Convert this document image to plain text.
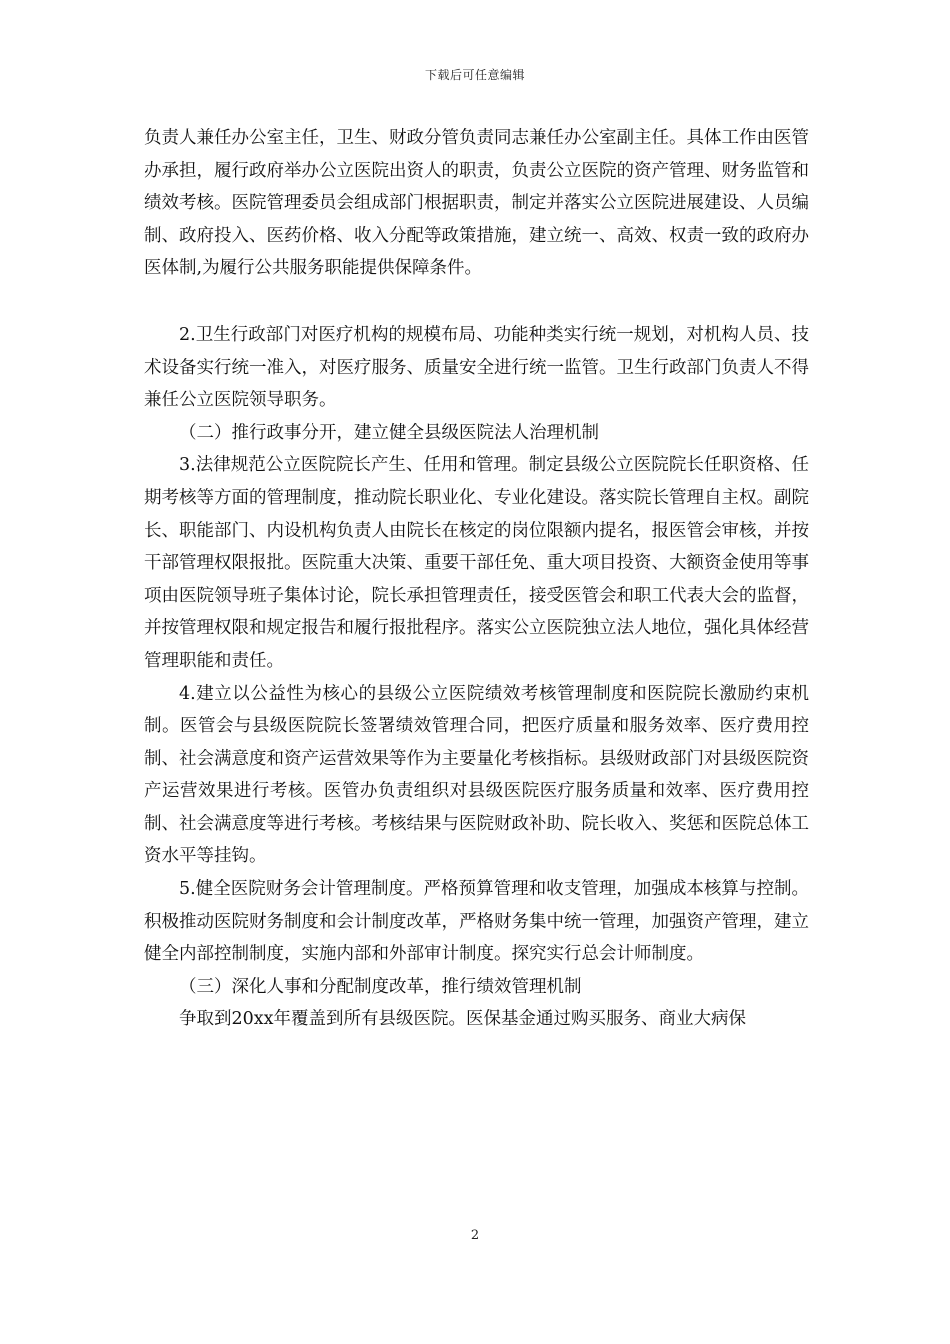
下载后可任意编辑

负责人兼任办公室主任，卫生、财政分管负责同志兼任办公室副主任。具体工作由医管办承担，履行政府举办公立医院出资人的职责，负责公立医院的资产管理、财务监管和绩效考核。医院管理委员会组成部门根据职责，制定并落实公立医院进展建设、人员编制、政府投入、医药价格、收入分配等政策措施，建立统一、高效、权责一致的政府办医体制,为履行公共服务职能提供保障条件。

2.卫生行政部门对医疗机构的规模布局、功能种类实行统一规划，对机构人员、技术设备实行统一准入，对医疗服务、质量安全进行统一监管。卫生行政部门负责人不得兼任公立医院领导职务。

（二）推行政事分开，建立健全县级医院法人治理机制

3.法律规范公立医院院长产生、任用和管理。制定县级公立医院院长任职资格、任期考核等方面的管理制度，推动院长职业化、专业化建设。落实院长管理自主权。副院长、职能部门、内设机构负责人由院长在核定的岗位限额内提名，报医管会审核，并按干部管理权限报批。医院重大决策、重要干部任免、重大项目投资、大额资金使用等事项由医院领导班子集体讨论，院长承担管理责任，接受医管会和职工代表大会的监督，并按管理权限和规定报告和履行报批程序。落实公立医院独立法人地位，强化具体经营管理职能和责任。

4.建立以公益性为核心的县级公立医院绩效考核管理制度和医院院长激励约束机制。医管会与县级医院院长签署绩效管理合同，把医疗质量和服务效率、医疗费用控制、社会满意度和资产运营效果等作为主要量化考核指标。县级财政部门对县级医院资产运营效果进行考核。医管办负责组织对县级医院医疗服务质量和效率、医疗费用控制、社会满意度等进行考核。考核结果与医院财政补助、院长收入、奖惩和医院总体工资水平等挂钩。

5.健全医院财务会计管理制度。严格预算管理和收支管理，加强成本核算与控制。积极推动医院财务制度和会计制度改革，严格财务集中统一管理，加强资产管理，建立健全内部控制制度，实施内部和外部审计制度。探究实行总会计师制度。

（三）深化人事和分配制度改革，推行绩效管理机制

争取到20xx年覆盖到所有县级医院。医保基金通过购买服务、商业大病保

2
